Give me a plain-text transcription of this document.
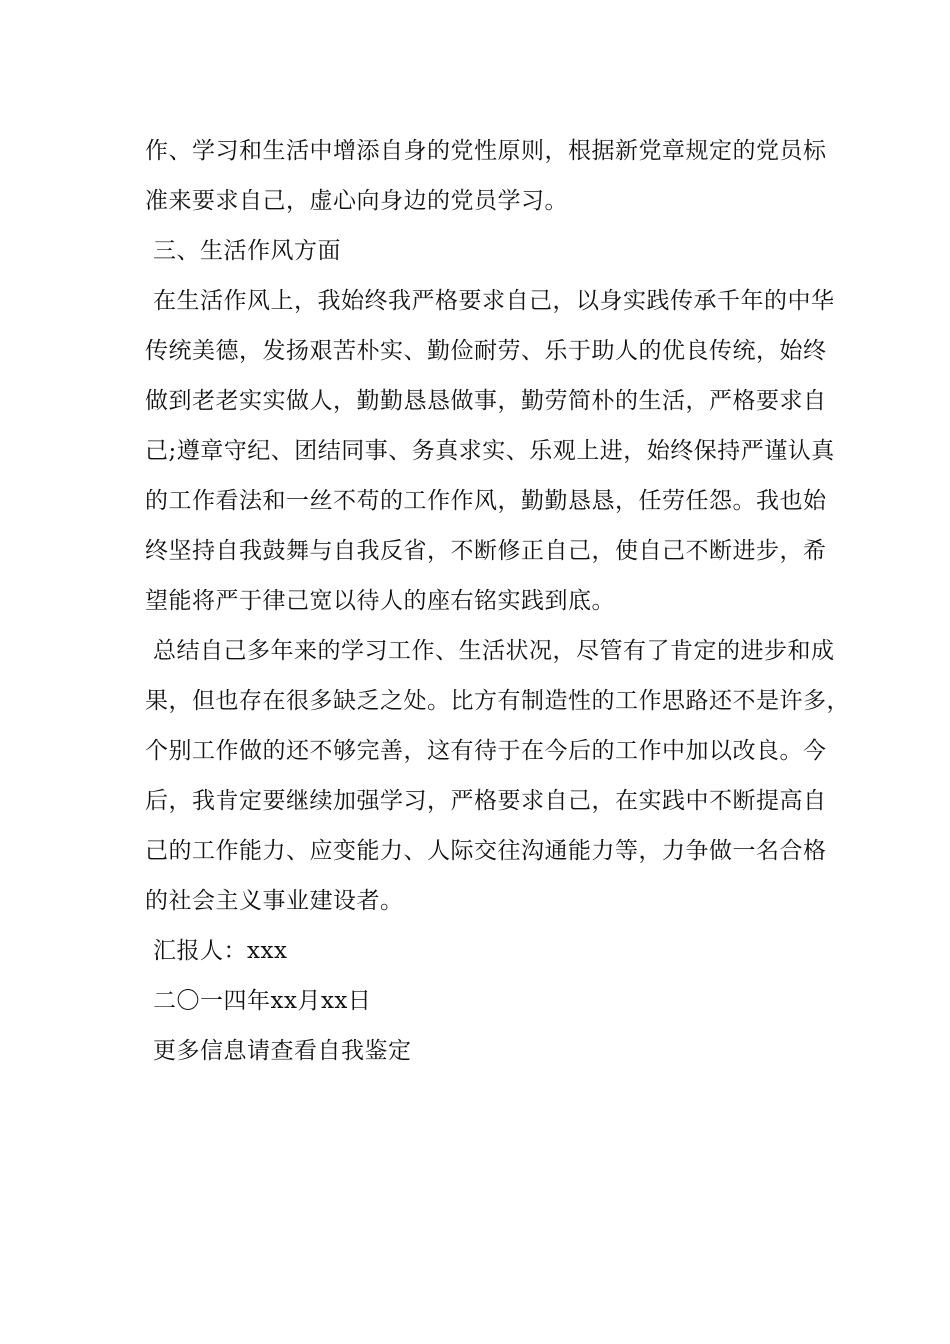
作、学习和生活中增添自身的党性原则，根据新党章规定的党员标
准来要求自己，虚心向身边的党员学习。
三、生活作风方面
在生活作风上，我始终我严格要求自己，以身实践传承千年的中华
传统美德，发扬艰苦朴实、勤俭耐劳、乐于助人的优良传统，始终
做到老老实实做人，勤勤恳恳做事，勤劳简朴的生活，严格要求自
己;遵章守纪、团结同事、务真求实、乐观上进，始终保持严谨认真
的工作看法和一丝不苟的工作作风，勤勤恳恳，任劳任怨。我也始
终坚持自我鼓舞与自我反省，不断修正自己，使自己不断进步，希
望能将严于律己宽以待人的座右铭实践到底。
总结自己多年来的学习工作、生活状况，尽管有了肯定的进步和成
果，但也存在很多缺乏之处。比方有制造性的工作思路还不是许多，
个别工作做的还不够完善，这有待于在今后的工作中加以改良。今
后，我肯定要继续加强学习，严格要求自己，在实践中不断提高自
己的工作能力、应变能力、人际交往沟通能力等，力争做一名合格
的社会主义事业建设者。
汇报人：xxx
二〇一四年xx月xx日
更多信息请查看自我鉴定
